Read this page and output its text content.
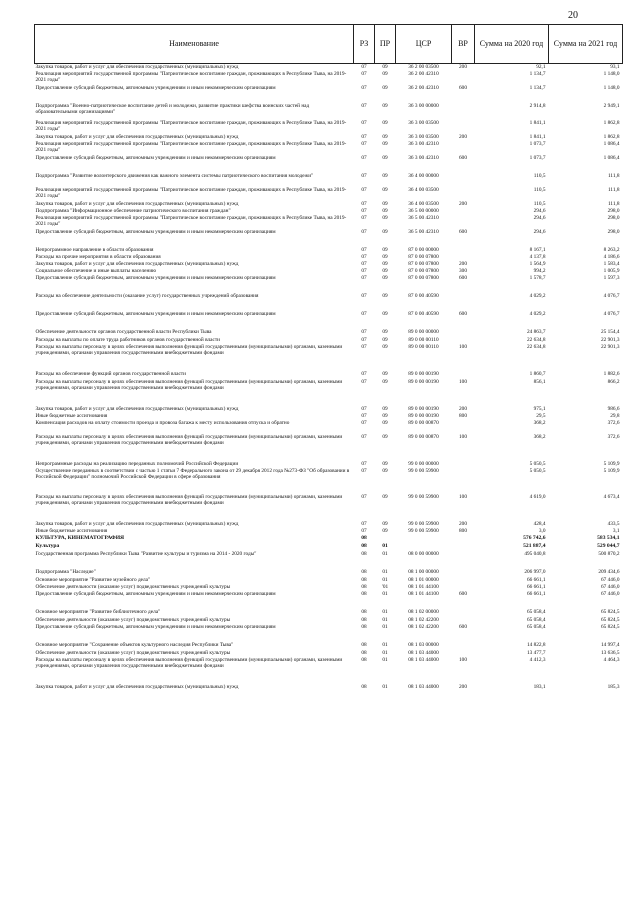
20
Наименование	РЗ	ПР	ЦСР	ВР	Сумма на 2020 год	Сумма на 2021 год
Закупка товаров, работ и услуг для обеспечения государственных (муниципальных) нужд	07	09	36 2 00 03500	200	92,1	93,1
Реализация мероприятий государственной программы "Патриотическое воспитание граждан, проживающих в Республике Тыва, на 2019-2021 годы"	07	09	36 2 00 42310		1 134,7	1 148,0
Предоставление субсидий бюджетным, автономным учреждениям и иным некоммерческим организациям	07	09	36 2 00 42310	600	1 134,7	1 148,0
Подпрограмма "Военно-патриотическое воспитание детей и молодежи, развитие практики шефства воинских частей над образовательными организациями"	07	09	36 3 00 00000		2 914,8	2 949,1
Реализация мероприятий государственной программы "Патриотическое воспитание граждан, проживающих в Республике Тыва, на 2019-2021 годы"	07	09	36 3 00 03500		1 841,1	1 862,8
Закупка товаров, работ и услуг для обеспечения государственных (муниципальных) нужд	07	09	36 3 00 03500	200	1 841,1	1 862,8
Реализация мероприятий государственной программы "Патриотическое воспитание граждан, проживающих в Республике Тыва, на 2019-2021 годы"	07	09	36 3 00 42310		1 073,7	1 086,4
Предоставление субсидий бюджетным, автономным учреждениям и иным некоммерческим организациям	07	09	36 3 00 42310	600	1 073,7	1 086,4
Подпрограмма "Развитие волонтерского движения как важного элемента системы патриотического воспитания молодежи"	07	09	36 4 00 00000		110,5	111,8
Реализация мероприятий государственной программы "Патриотическое воспитание граждан, проживающих в Республике Тыва, на 2019-2021 годы"	07	09	36 4 00 03500		110,5	111,8
Закупка товаров, работ и услуг для обеспечения государственных (муниципальных) нужд	07	09	36 4 00 03500	200	110,5	111,8
Подпрограмма "Информационное обеспечение патриотического воспитания граждан"	07	09	36 5 00 00000		294,6	298,0
Реализация мероприятий государственной программы "Патриотическое воспитание граждан, проживающих в Республике Тыва, на 2019-2021 годы"	07	09	36 5 00 42310		294,6	298,0
Предоставление субсидий бюджетным, автономным учреждениям и иным некоммерческим организациям	07	09	36 5 00 42310	600	294,6	298,0
Непрограммное направление в области образования	07	09	87 0 00 00000		8 167,1	8 263,2
Расходы на прочие мероприятия в области образования	07	09	87 0 00 07800		4 137,8	4 186,6
Закупка товаров, работ и услуг для обеспечения государственных (муниципальных) нужд	07	09	87 0 00 07800	200	1 564,9	1 583,4
Социальное обеспечение и иные выплаты населению	07	09	87 0 00 07800	300	994,2	1 005,9
Предоставление субсидий бюджетным, автономным учреждениям и иным некоммерческим организациям	07	09	87 0 00 07800	600	1 578,7	1 597,3
Расходы на обеспечение деятельности (оказание услуг) государственных учреждений образования	07	09	87 0 00 40590		4 029,2	4 076,7
Предоставление субсидий бюджетным, автономным учреждениям и иным некоммерческим организациям	07	09	87 0 00 40590	600	4 029,2	4 076,7
Обеспечение деятельности органов государственной власти Республики Тыва	07	09	89 0 00 00000		24 863,7	25 154,4
Расходы на выплаты по оплате труда работников органов государственной власти	07	09	89 0 00 00110		22 634,8	22 901,3
Расходы на выплаты персоналу в целях обеспечения выполнения функций государственными (муниципальными) органами, казенными учреждениями, органами управления государственными внебюджетными фондами	07	09	89 0 00 00110	100	22 634,8	22 901,3
Расходы на обеспечение функций органов государственной власти	07	09	89 0 00 00190		1 860,7	1 882,6
Расходы на выплаты персоналу в целях обеспечения выполнения функций государственными (муниципальными) органами, казенными учреждениями, органами управления государственными внебюджетными фондами	07	09	89 0 00 00190	100	856,1	866,2
Закупка товаров, работ и услуг для обеспечения государственных (муниципальных) нужд	07	09	89 0 00 00190	200	975,1	986,6
Иные бюджетные ассигнования	07	09	89 0 00 00190	800	29,5	29,8
Компенсация расходов на оплату стоимости проезда и провоза багажа к месту использования отпуска и обратно	07	09	89 0 00 00870		368,2	372,6
Расходы на выплаты персоналу в целях обеспечения выполнения функций государственными (муниципальными) органами, казенными учреждениями, органами управления государственными внебюджетными фондами	07	09	89 0 00 00870	100	368,2	372,6
Непрограммные расходы на реализацию переданных полномочий Российской Федерации	07	09	99 0 00 00000		5 050,5	5 109,9
Осуществление переданных в соответствии с частью 1 статьи 7 Федерального закона от 29 декабря 2012 года №273-ФЗ "Об образовании в Российской Федерации" полномочий Российской Федерации в сфере образования	07	09	99 0 00 59900		5 050,5	5 109,9
Расходы на выплаты персоналу в целях обеспечения выполнения функций государственными (муниципальными) органами, казенными учреждениями, органами управления государственными внебюджетными фондами	07	09	99 0 00 59900	100	4 619,0	4 673,4
Закупка товаров, работ и услуг для обеспечения государственных (муниципальных) нужд	07	09	99 0 00 59900	200	428,4	433,5
Иные бюджетные ассигнования	07	09	99 0 00 59900	800	3,0	3,1
КУЛЬТУРА, КИНЕМАТОГРАФИЯ	08				576 742,6	583 534,1
Культура	08	01			521 887,4	529 044,7
Государственная программа Республики Тыва "Развитие культуры и туризма на 2014 - 2020 годы"	08	01	08 0 00 00000		495 040,8	500 870,2
Подпрограмма "Наследие"	08	01	08 1 00 00000		206 997,0	209 434,6
Основное мероприятие "Развитие музейного дела"	08	01	08 1 01 00000		66 661,1	67 446,0
Обеспечение деятельности (оказание услуг) подведомственных учреждений культуры	08	'01	08 1 01 44100		66 661,1	67 446,0
Предоставление субсидий бюджетным, автономным учреждениям и иным некоммерческим организациям	08	01	08 1 01 44100	600	66 661,1	67 446,0
Основное мероприятие "Развитие библиотечного дела"	08	01	08 1 02 00000		65 058,4	65 824,5
Обеспечение деятельности (оказание услуг) подведомственных учреждений культуры	08	01	08 1 02 42200		65 058,4	65 824,5
Предоставление субсидий бюджетным, автономным учреждениям и иным некоммерческим организациям	08	01	08 1 02 42200	600	65 058,4	65 824,5
Основное мероприятие "Сохранение объектов культурного наследия Республики Тыва"	08	01	08 1 03 00000		14 822,8	14 997,4
Обеспечение деятельности (оказание услуг) подведомственных учреждений культуры	08	01	08 1 03 44000		13 477,7	13 636,5
Расходы на выплаты персоналу в целях обеспечения выполнения функций государственными (муниципальными) органами, казенными учреждениями, органами управления государственными внебюджетными фондами	08	01	08 1 03 44000	100	4 412,3	4 464,3
Закупка товаров, работ и услуг для обеспечения государственных (муниципальных) нужд	08	01	08 1 03 44000	200	183,1	185,3
